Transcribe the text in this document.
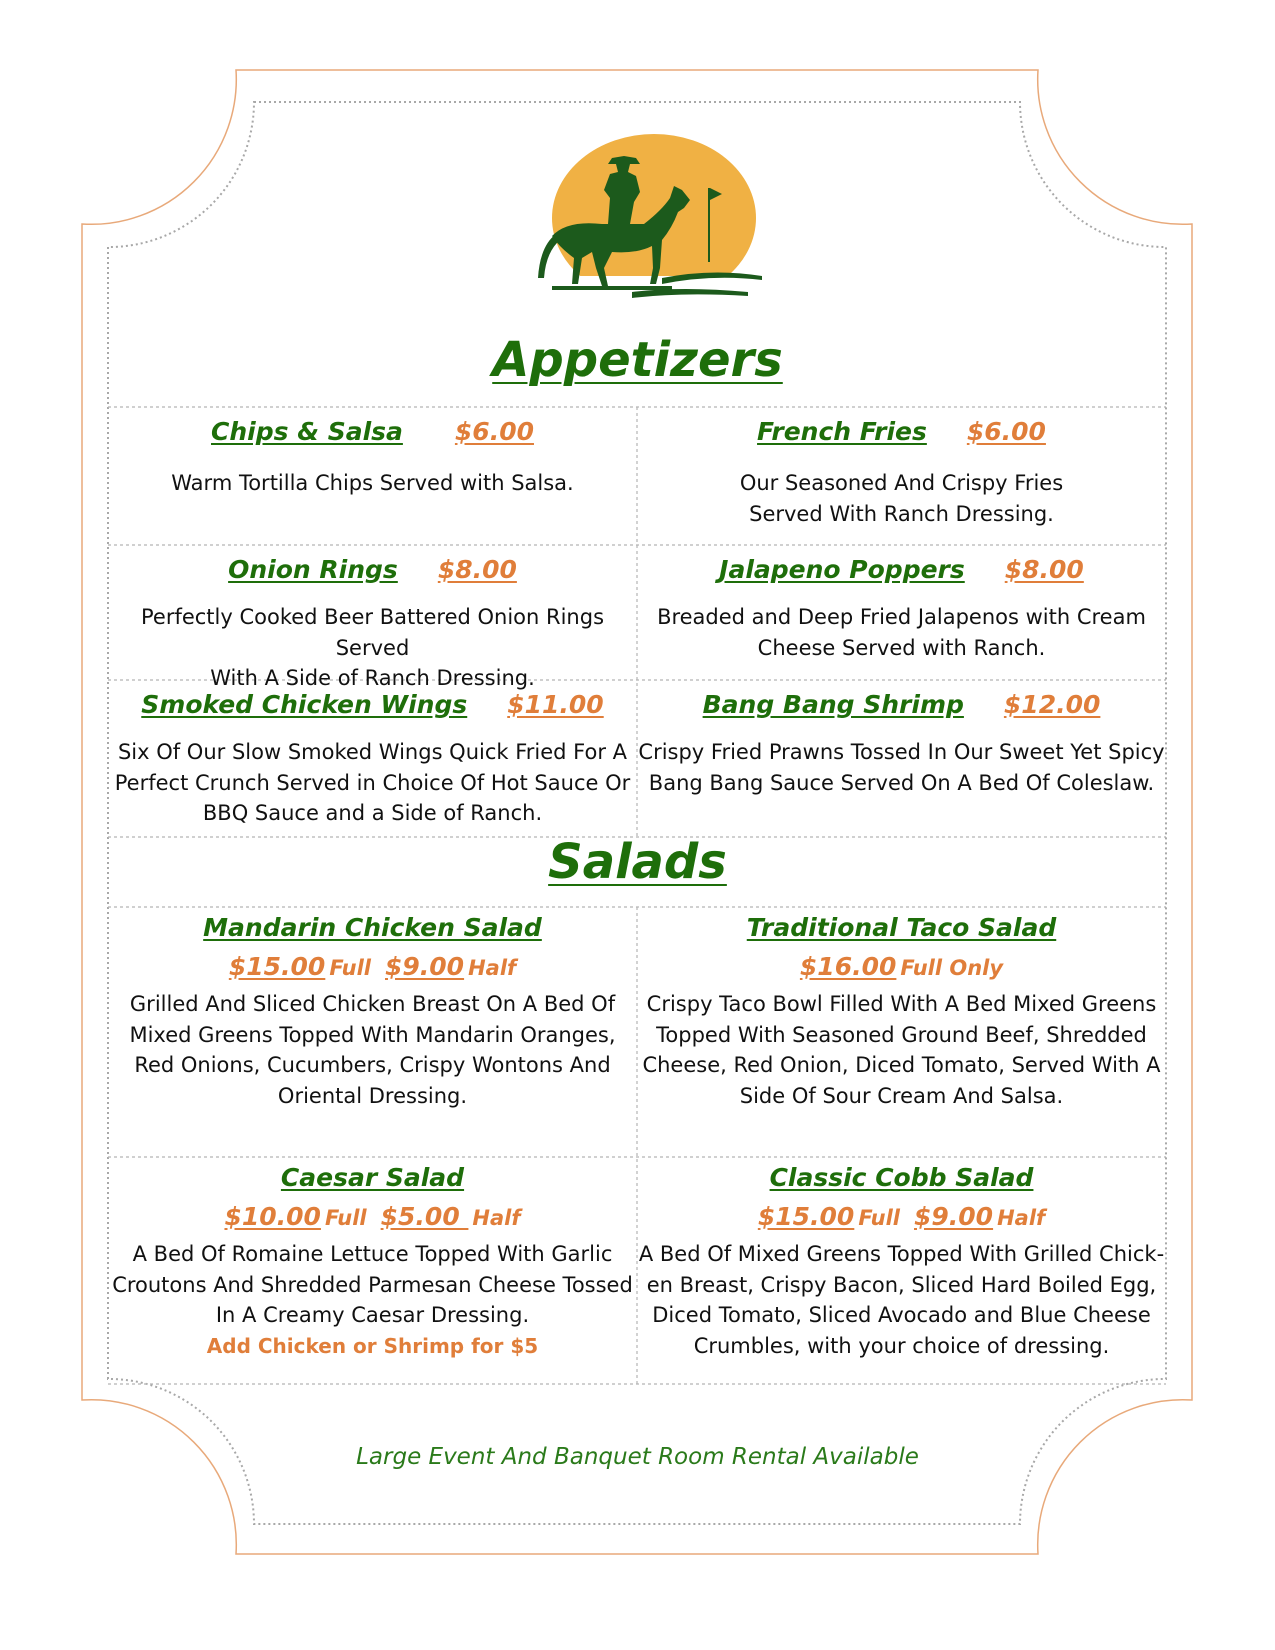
Appetizers
Chips & Salsa $6.00
Warm Tortilla Chips Served with Salsa.
French Fries $6.00
Our Seasoned And Crispy Fries
Served With Ranch Dressing.
Onion Rings $8.00
Perfectly Cooked Beer Battered Onion Rings Served
With A Side of Ranch Dressing.
Jalapeno Poppers $8.00
Breaded and Deep Fried Jalapenos with Cream
Cheese Served with Ranch.
Smoked Chicken Wings $11.00
Six Of Our Slow Smoked Wings Quick Fried For A
Perfect Crunch Served in Choice Of Hot Sauce Or
BBQ Sauce and a Side of Ranch.
Bang Bang Shrimp $12.00
Crispy Fried Prawns Tossed In Our Sweet Yet Spicy
Bang Bang Sauce Served On A Bed Of Coleslaw.
Salads
Mandarin Chicken Salad
$15.00 Full $9.00 Half
Grilled And Sliced Chicken Breast On A Bed Of
Mixed Greens Topped With Mandarin Oranges,
Red Onions, Cucumbers, Crispy Wontons And
Oriental Dressing.
Traditional Taco Salad
$16.00 Full Only
Crispy Taco Bowl Filled With A Bed Mixed Greens
Topped With Seasoned Ground Beef, Shredded
Cheese, Red Onion, Diced Tomato, Served With A
Side Of Sour Cream And Salsa.
Caesar Salad
$10.00 Full $5.00 Half
A Bed Of Romaine Lettuce Topped With Garlic
Croutons And Shredded Parmesan Cheese Tossed
In A Creamy Caesar Dressing.
Add Chicken or Shrimp for $5
Classic Cobb Salad
$15.00 Full $9.00 Half
A Bed Of Mixed Greens Topped With Grilled Chick-
en Breast, Crispy Bacon, Sliced Hard Boiled Egg,
Diced Tomato, Sliced Avocado and Blue Cheese
Crumbles, with your choice of dressing.
Large Event And Banquet Room Rental Available
